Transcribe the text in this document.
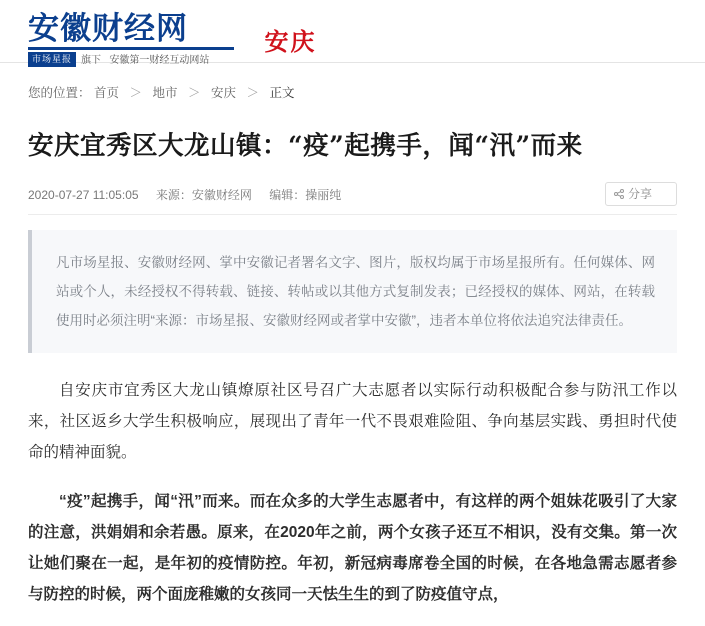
安徽财经网
市场星报 旗下 安徽第一财经互动网站
安庆
您的位置： 首页 ＞ 地市 ＞ 安庆 ＞ 正文
安庆宜秀区大龙山镇：“疫”起携手，闻“汛”而来
2020-07-27 11:05:05 来源：安徽财经网 编辑：操丽纯	分享
凡市场星报、安徽财经网、掌中安徽记者署名文字、图片，版权均属于市场星报所有。任何媒体、网站或个人，未经授权不得转载、链接、转帖或以其他方式复制发表；已经授权的媒体、网站，在转载使用时必须注明“来源：市场星报、安徽财经网或者掌中安徽”，违者本单位将依法追究法律责任。

自安庆市宜秀区大龙山镇燎原社区号召广大志愿者以实际行动积极配合参与防汛工作以来，社区返乡大学生积极响应，展现出了青年一代不畏艰难险阻、争向基层实践、勇担时代使命的精神面貌。

“疫”起携手，闻“汛”而来。而在众多的大学生志愿者中，有这样的两个姐妹花吸引了大家的注意，洪娟娟和余若愚。原来，在2020年之前，两个女孩子还互不相识，没有交集。第一次让她们聚在一起，是年初的疫情防控。年初，新冠病毒席卷全国的时候，在各地急需志愿者参与防控的时候，两个面庞稚嫩的女孩同一天怯生生的到了防疫值守点，
